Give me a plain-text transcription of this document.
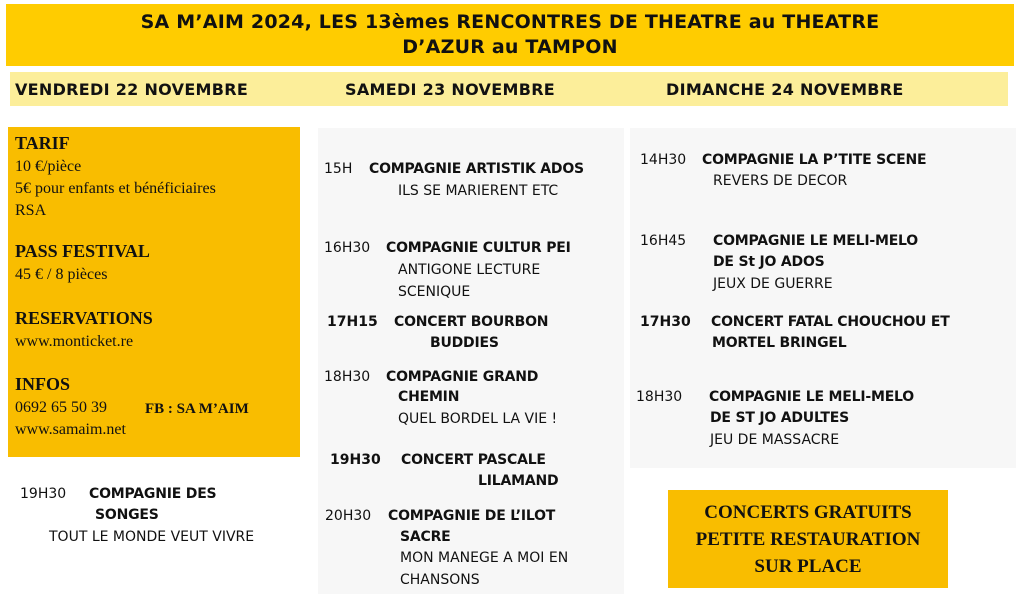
SA M’AIM 2024, LES 13èmes RENCONTRES DE THEATRE au THEATRE
D’AZUR au TAMPON
VENDREDI 22 NOVEMBRE	SAMEDI 23 NOVEMBRE	DIMANCHE 24 NOVEMBRE
TARIF
10 €/pièce
5€ pour enfants et bénéficiaires
RSA
PASS FESTIVAL
45 € / 8 pièces
RESERVATIONS
www.monticket.re
INFOS
0692 65 50 39	FB : SA M’AIM
www.samaim.net
19H30 COMPAGNIE DES
SONGES
TOUT LE MONDE VEUT VIVRE
15H COMPAGNIE ARTISTIK ADOS
ILS SE MARIERENT ETC
16H30 COMPAGNIE CULTUR PEI
ANTIGONE LECTURE
SCENIQUE
17H15 CONCERT BOURBON
BUDDIES
18H30 COMPAGNIE GRAND
CHEMIN
QUEL BORDEL LA VIE !
19H30 CONCERT PASCALE
LILAMAND
20H30 COMPAGNIE DE L’ILOT
SACRE
MON MANEGE A MOI EN
CHANSONS
14H30 COMPAGNIE LA P’TITE SCENE
REVERS DE DECOR
16H45 COMPAGNIE LE MELI-MELO
DE St JO ADOS
JEUX DE GUERRE
17H30 CONCERT FATAL CHOUCHOU ET
MORTEL BRINGEL
18H30 COMPAGNIE LE MELI-MELO
DE ST JO ADULTES
JEU DE MASSACRE
CONCERTS GRATUITS
PETITE RESTAURATION
SUR PLACE
